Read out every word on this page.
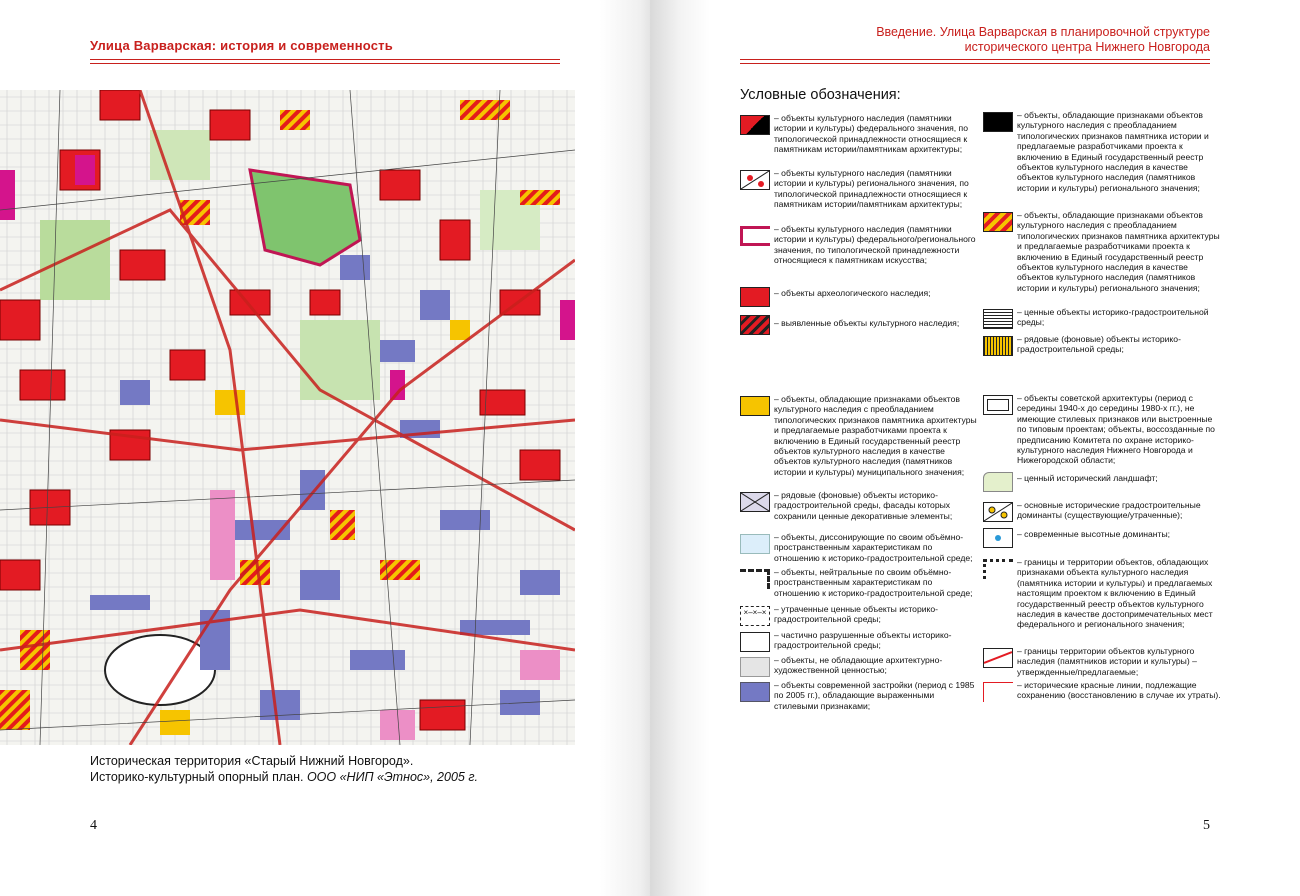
Улица Варварская: история и современность
Историческая территория «Старый Нижний Новгород».
Историко-культурный опорный план. ООО «НИП «Этнос», 2005 г.
4
Введение. Улица Варварская в планировочной структуре
исторического центра Нижнего Новгорода
Условные обозначения:
– объекты культурного наследия (памятники истории и культуры) федерального значения, по типологической принадлежности относящиеся к памятникам истории/памятникам архитектуры;
– объекты культурного наследия (памятники истории и культуры) регионального значения, по типологической принадлежности относящиеся к памятникам истории/памятникам архитектуры;
– объекты культурного наследия (памятники истории и культуры) федерального/регионального значения, по типологической принадлежности относящиеся к памятникам искусства;
– объекты археологического наследия;
– выявленные объекты культурного наследия;
– объекты, обладающие признаками объектов культурного наследия с преобладанием типологических признаков памятника архитектуры и предлагаемые разработчиками проекта к включению в Единый государственный реестр объектов культурного наследия в качестве объектов культурного наследия (памятников истории и культуры) муниципального значения;
– рядовые (фоновые) объекты историко-градостроительной среды, фасады которых сохранили ценные декоративные элементы;
– объекты, диссонирующие по своим объёмно-пространственным характеристикам по отношению к историко-градостроительной среде;
– объекты, нейтральные по своим объёмно-пространственным характеристикам по отношению к историко-градостроительной среде;
×–×–× – утраченные ценные объекты историко-градостроительной среды;
– частично разрушенные объекты историко-градостроительной среды;
– объекты, не обладающие архитектурно-художественной ценностью;
– объекты современной застройки (период с 1985 по 2005 гг.), обладающие выраженными стилевыми признаками;
– объекты, обладающие признаками объектов культурного наследия с преобладанием типологических признаков памятника истории и предлагаемые разработчиками проекта к включению в Единый государственный реестр объектов культурного наследия в качестве объектов культурного наследия (памятников истории и культуры) регионального значения;
– объекты, обладающие признаками объектов культурного наследия с преобладанием типологических признаков памятника архитектуры и предлагаемые разработчиками проекта к включению в Единый государственный реестр объектов культурного наследия в качестве объектов культурного наследия (памятников истории и культуры) регионального значения;
– ценные объекты историко-градостроительной среды;
– рядовые (фоновые) объекты историко-градостроительной среды;
– объекты советской архитектуры (период с середины 1940-х до середины 1980-х гг.), не имеющие стилевых признаков или выстроенные по типовым проектам; объекты, воссозданные по предписанию Комитета по охране историко-культурного наследия Нижнего Новгорода и Нижегородской области;
– ценный исторический ландшафт;
– основные исторические градостроительные доминанты (существующие/утраченные);
– современные высотные доминанты;
– границы и территории объектов, обладающих признаками объекта культурного наследия (памятника истории и культуры) и предлагаемых настоящим проектом к включению в Единый государственный реестр объектов культурного наследия в качестве достопримечательных мест федерального и регионального значения;
– границы территории объектов культурного наследия (памятников истории и культуры) – утвержденные/предлагаемые;
– исторические красные линии, подлежащие сохранению (восстановлению в случае их утраты).
5
